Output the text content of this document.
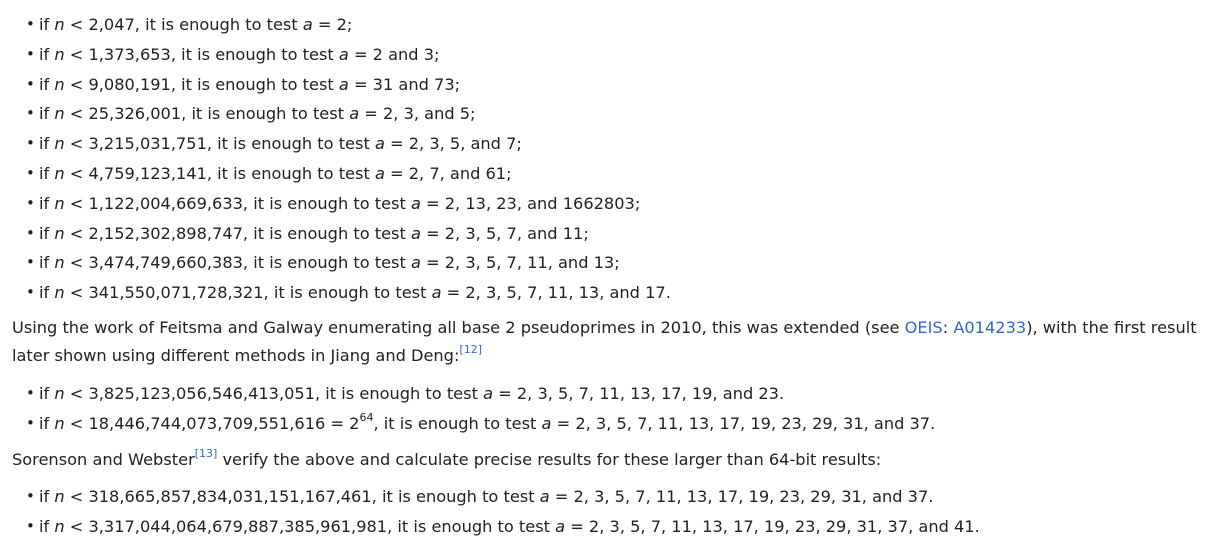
• if n < 2,047, it is enough to test a = 2;
• if n < 1,373,653, it is enough to test a = 2 and 3;
• if n < 9,080,191, it is enough to test a = 31 and 73;
• if n < 25,326,001, it is enough to test a = 2, 3, and 5;
• if n < 3,215,031,751, it is enough to test a = 2, 3, 5, and 7;
• if n < 4,759,123,141, it is enough to test a = 2, 7, and 61;
• if n < 1,122,004,669,633, it is enough to test a = 2, 13, 23, and 1662803;
• if n < 2,152,302,898,747, it is enough to test a = 2, 3, 5, 7, and 11;
• if n < 3,474,749,660,383, it is enough to test a = 2, 3, 5, 7, 11, and 13;
• if n < 341,550,071,728,321, it is enough to test a = 2, 3, 5, 7, 11, 13, and 17.

Using the work of Feitsma and Galway enumerating all base 2 pseudoprimes in 2010, this was extended (see OEIS: A014233), with the first result later shown using different methods in Jiang and Deng:[12]

• if n < 3,825,123,056,546,413,051, it is enough to test a = 2, 3, 5, 7, 11, 13, 17, 19, and 23.
• if $n < 18,446,744,073,709,551,616 = 2^{64}$, it is enough to test a = 2, 3, 5, 7, 11, 13, 17, 19, 23, 29, 31, and 37.

Sorenson and Webster[13] verify the above and calculate precise results for these larger than 64-bit results:

• if n < 318,665,857,834,031,151,167,461, it is enough to test a = 2, 3, 5, 7, 11, 13, 17, 19, 23, 29, 31, and 37.
• if n < 3,317,044,064,679,887,385,961,981, it is enough to test a = 2, 3, 5, 7, 11, 13, 17, 19, 23, 29, 31, 37, and 41.
